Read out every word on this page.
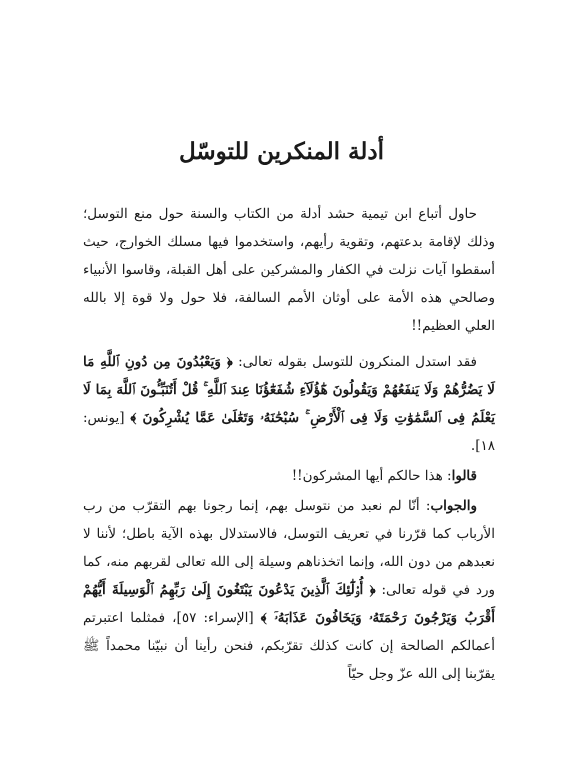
أدلة المنكرين للتوسّل

حاول أتباع ابن تيمية حشد أدلة من الكتاب والسنة حول منع التوسل؛ وذلك لإقامة بدعتهم، وتقوية رأيهم، واستخدموا فيها مسلك الخوارج، حيث أسقطوا آيات نزلت في الكفار والمشركين على أهل القبلة، وقاسوا الأنبياء وصالحي هذه الأمة على أوثان الأمم السالفة، فلا حول ولا قوة إلا بالله العلي العظيم!!

فقد استدل المنكرون للتوسل بقوله تعالى: ﴿ وَيَعْبُدُونَ مِن دُونِ ٱللَّهِ مَا لَا يَضُرُّهُمْ وَلَا يَنفَعُهُمْ وَيَقُولُونَ هَٰٓؤُلَآءِ شُفَعَٰٓؤُنَا عِندَ ٱللَّهِ ۚ قُلْ أَتُنَبِّـُٔونَ ٱللَّهَ بِمَا لَا يَعْلَمُ فِى ٱلسَّمَٰوَٰتِ وَلَا فِى ٱلْأَرْضِ ۚ سُبْحَٰنَهُۥ وَتَعَٰلَىٰ عَمَّا يُشْرِكُونَ ﴾ [يونس: ١٨].

قالوا: هذا حالكم أيها المشركون!!

والجواب: أنّا لم نعبد من نتوسل بهم، إنما رجونا بهم التقرّب من رب الأرباب كما قرّرنا في تعريف التوسل، فالاستدلال بهذه الآية باطل؛ لأننا لا نعبدهم من دون الله، وإنما اتخذناهم وسيلة إلى الله تعالى لقربهم منه، كما ورد في قوله تعالى: ﴿ أُو۟لَٰٓئِكَ ٱلَّذِينَ يَدْعُونَ يَبْتَغُونَ إِلَىٰ رَبِّهِمُ ٱلْوَسِيلَةَ أَيُّهُمْ أَقْرَبُ وَيَرْجُونَ رَحْمَتَهُۥ وَيَخَافُونَ عَذَابَهُۥٓ ﴾ [الإسراء: ٥٧]، فمثلما اعتبرتم أعمالكم الصالحة إن كانت كذلك تقرّبكم، فنحن رأينا أن نبيّنا محمداً ﷺ يقرّبنا إلى الله عزّ وجل حيّاً
